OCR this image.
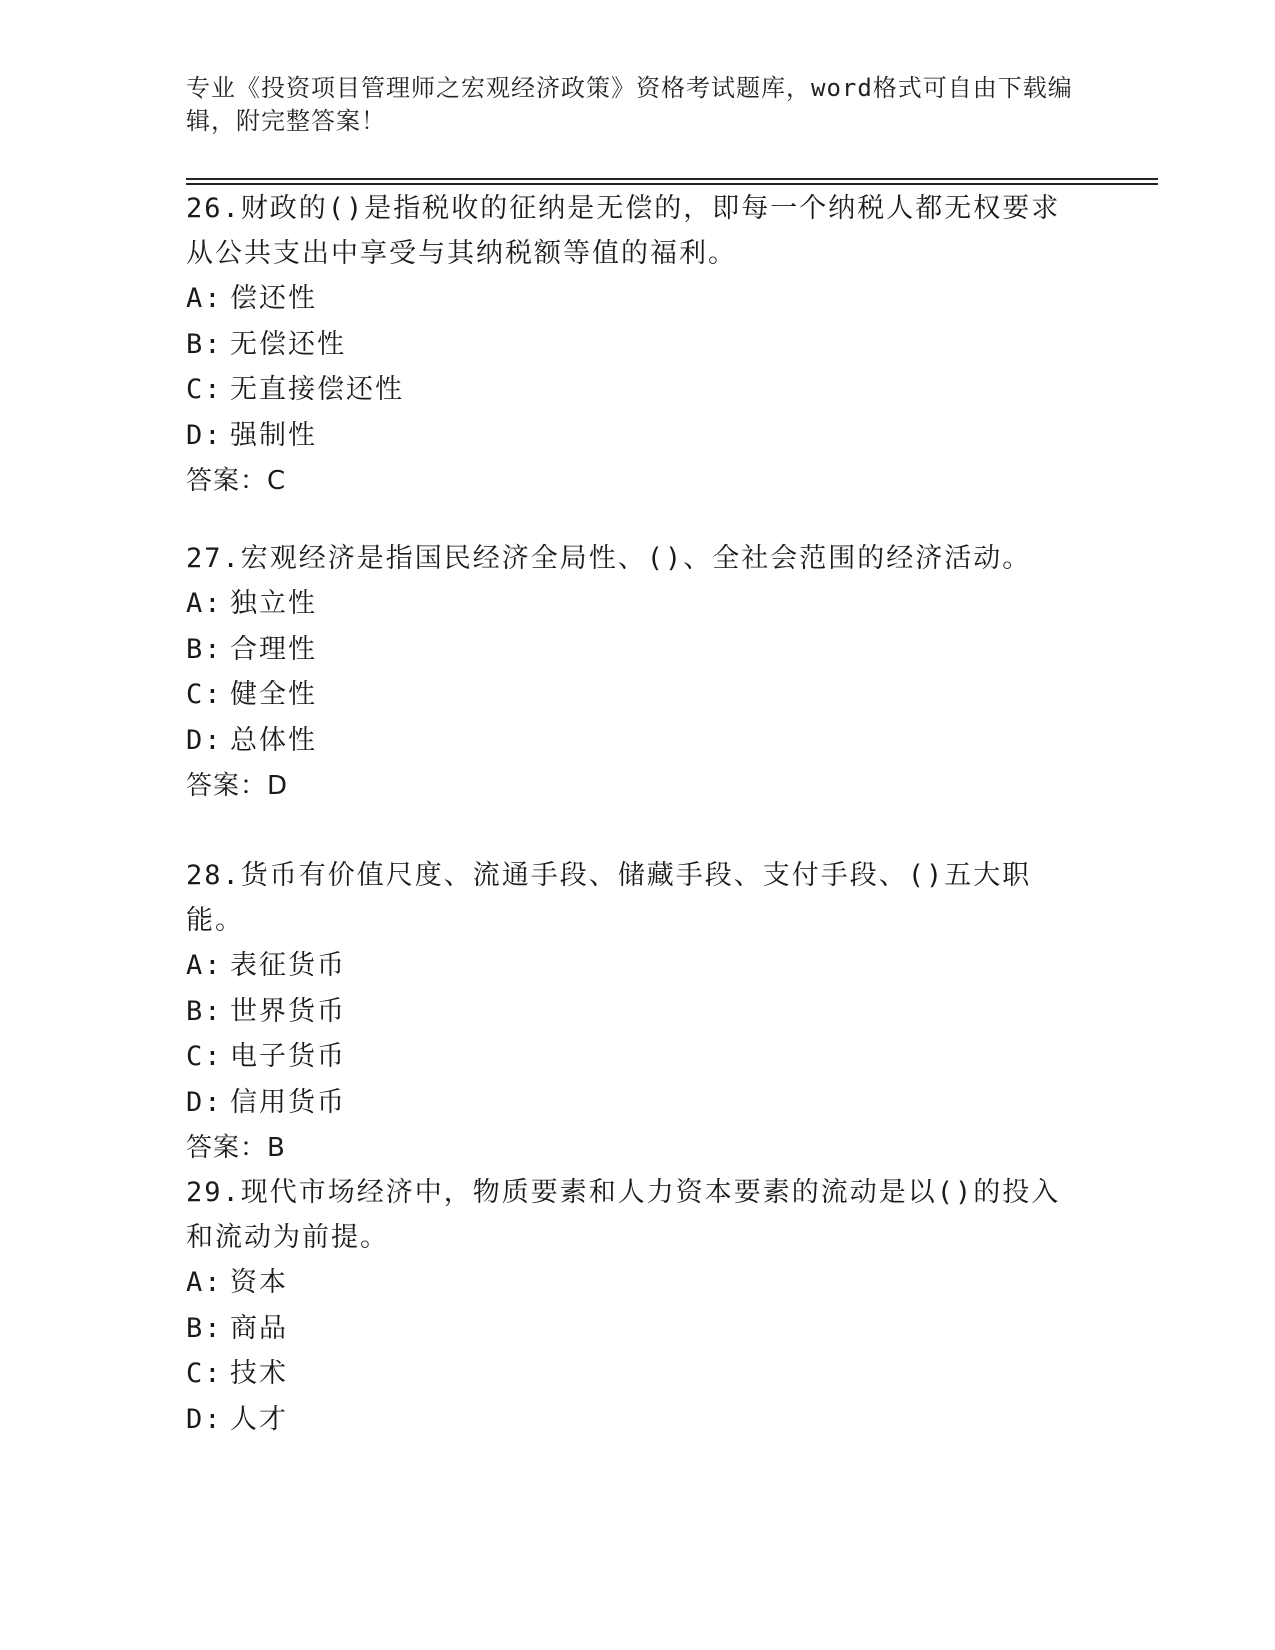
专业《投资项目管理师之宏观经济政策》资格考试题库，word格式可自由下载编辑，附完整答案！

26.财政的()是指税收的征纳是无偿的，即每一个纳税人都无权要求从公共支出中享受与其纳税额等值的福利。

A: 偿还性

B: 无偿还性

C: 无直接偿还性

D: 强制性

答案：C

27.宏观经济是指国民经济全局性、()、全社会范围的经济活动。

A: 独立性

B: 合理性

C: 健全性

D: 总体性

答案：D

28.货币有价值尺度、流通手段、储藏手段、支付手段、()五大职能。

A: 表征货币

B: 世界货币

C: 电子货币

D: 信用货币

答案：B

29.现代市场经济中，物质要素和人力资本要素的流动是以()的投入和流动为前提。

A: 资本

B: 商品

C: 技术

D: 人才
